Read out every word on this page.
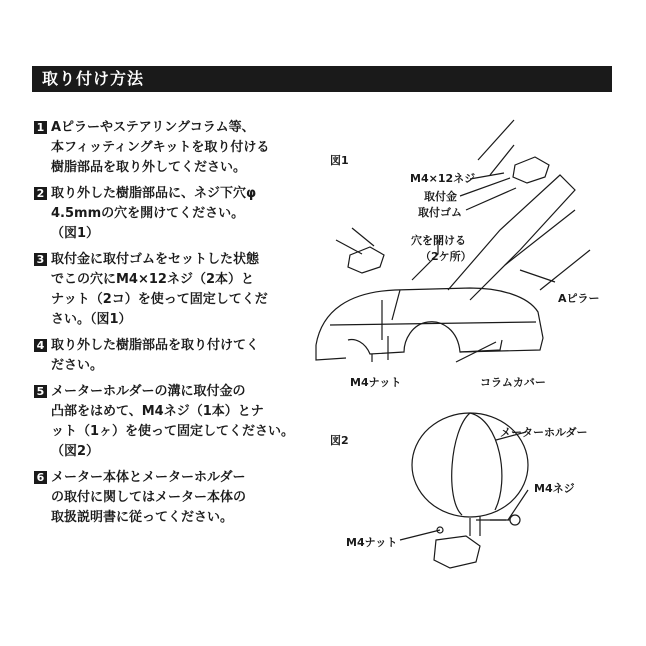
取り付け方法
1 Aピラーやステアリングコラム等、
本フィッティングキットを取り付ける
樹脂部品を取り外してください。
2 取り外した樹脂部品に、ネジ下穴φ
4.5mmの穴を開けてください。
（図1）
3 取付金に取付ゴムをセットした状態
でこの穴にM4×12ネジ（2本）と
ナット（2コ）を使って固定してくだ
さい。（図1）
4 取り外した樹脂部品を取り付けてく
ださい。
5 メーターホルダーの溝に取付金の
凸部をはめて、M4ネジ（1本）とナ
ット（1ヶ）を使って固定してください。
（図2）
6 メーター本体とメーターホルダー
の取付に関してはメーター本体の
取扱説明書に従ってください。
図1
M4×12ネジ
取付金
取付ゴム
穴を開ける
（2ケ所）
Aピラー
M4ナット	コラムカバー
図2
メーターホルダー
M4ネジ
M4ナット
